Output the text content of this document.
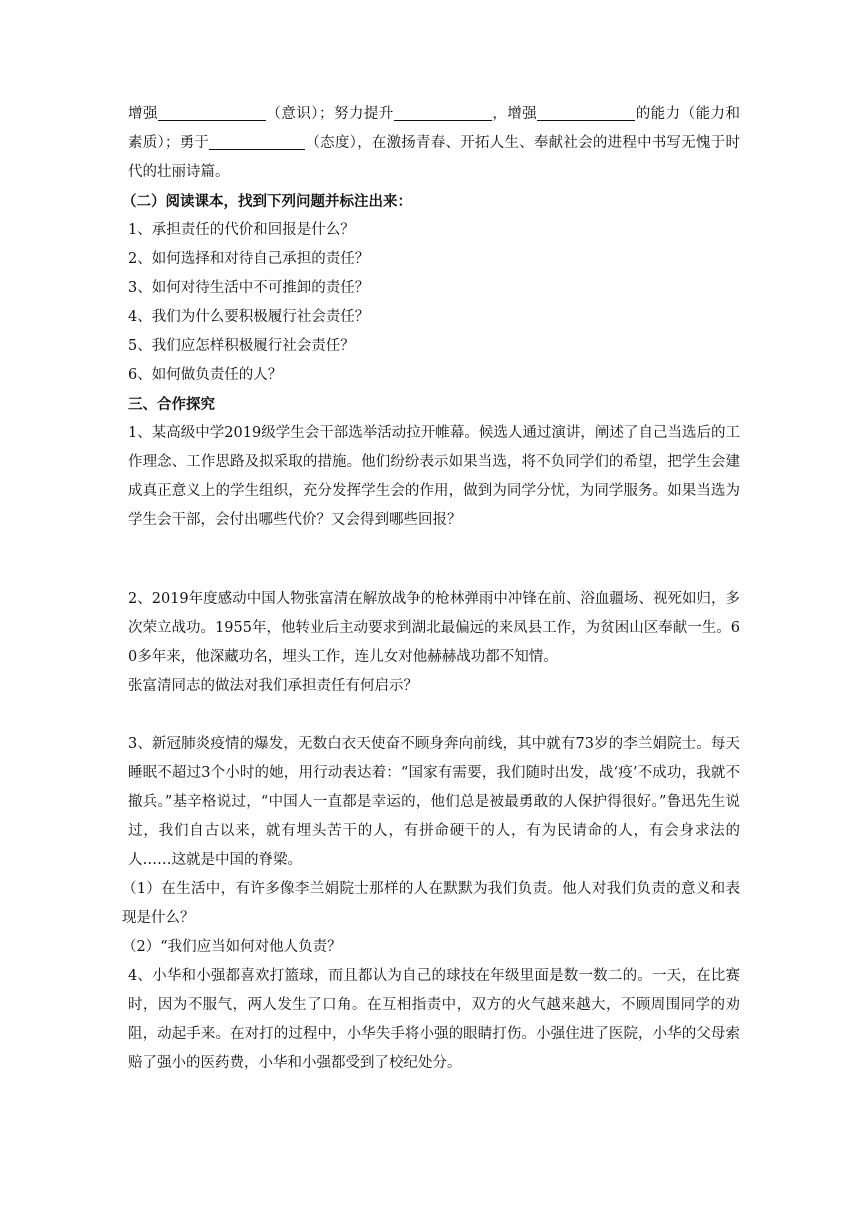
增强	（意识）；努力提升	，增强	的能力（能力和素质）；勇于	（态度），在激扬青春、开拓人生、奉献社会的进程中书写无愧于时代的壮丽诗篇。

（二）阅读课本，找到下列问题并标注出来：

1、承担责任的代价和回报是什么？

2、如何选择和对待自己承担的责任？

3、如何对待生活中不可推卸的责任？

4、我们为什么要积极履行社会责任？

5、我们应怎样积极履行社会责任？

6、如何做负责任的人？

三、合作探究

1、某高级中学2019级学生会干部选举活动拉开帷幕。候选人通过演讲，阐述了自己当选后的工作理念、工作思路及拟采取的措施。他们纷纷表示如果当选，将不负同学们的希望，把学生会建成真正意义上的学生组织，充分发挥学生会的作用，做到为同学分忧，为同学服务。如果当选为学生会干部，会付出哪些代价？又会得到哪些回报？

2、2019年度感动中国人物张富清在解放战争的枪林弹雨中冲锋在前、浴血疆场、视死如归，多次荣立战功。1955年，他转业后主动要求到湖北最偏远的来凤县工作，为贫困山区奉献一生。60多年来，他深藏功名，埋头工作，连儿女对他赫赫战功都不知情。

张富清同志的做法对我们承担责任有何启示？

3、新冠肺炎疫情的爆发，无数白衣天使奋不顾身奔向前线，其中就有73岁的李兰娟院士。每天睡眠不超过3个小时的她，用行动表达着：“国家有需要，我们随时出发，战‘疫’不成功，我就不撤兵。”基辛格说过，“中国人一直都是幸运的，他们总是被最勇敢的人保护得很好。”鲁迅先生说过，我们自古以来，就有埋头苦干的人，有拼命硬干的人，有为民请命的人，有会身求法的人……这就是中国的脊梁。

（1）在生活中，有许多像李兰娟院士那样的人在默默为我们负责。他人对我们负责的意义和表现是什么？

（2）“我们应当如何对他人负责？

4、小华和小强都喜欢打篮球，而且都认为自己的球技在年级里面是数一数二的。一天，在比赛时，因为不服气，两人发生了口角。在互相指责中，双方的火气越来越大，不顾周围同学的劝阻，动起手来。在对打的过程中，小华失手将小强的眼睛打伤。小强住进了医院，小华的父母索赔了强小的医药费，小华和小强都受到了校纪处分。
